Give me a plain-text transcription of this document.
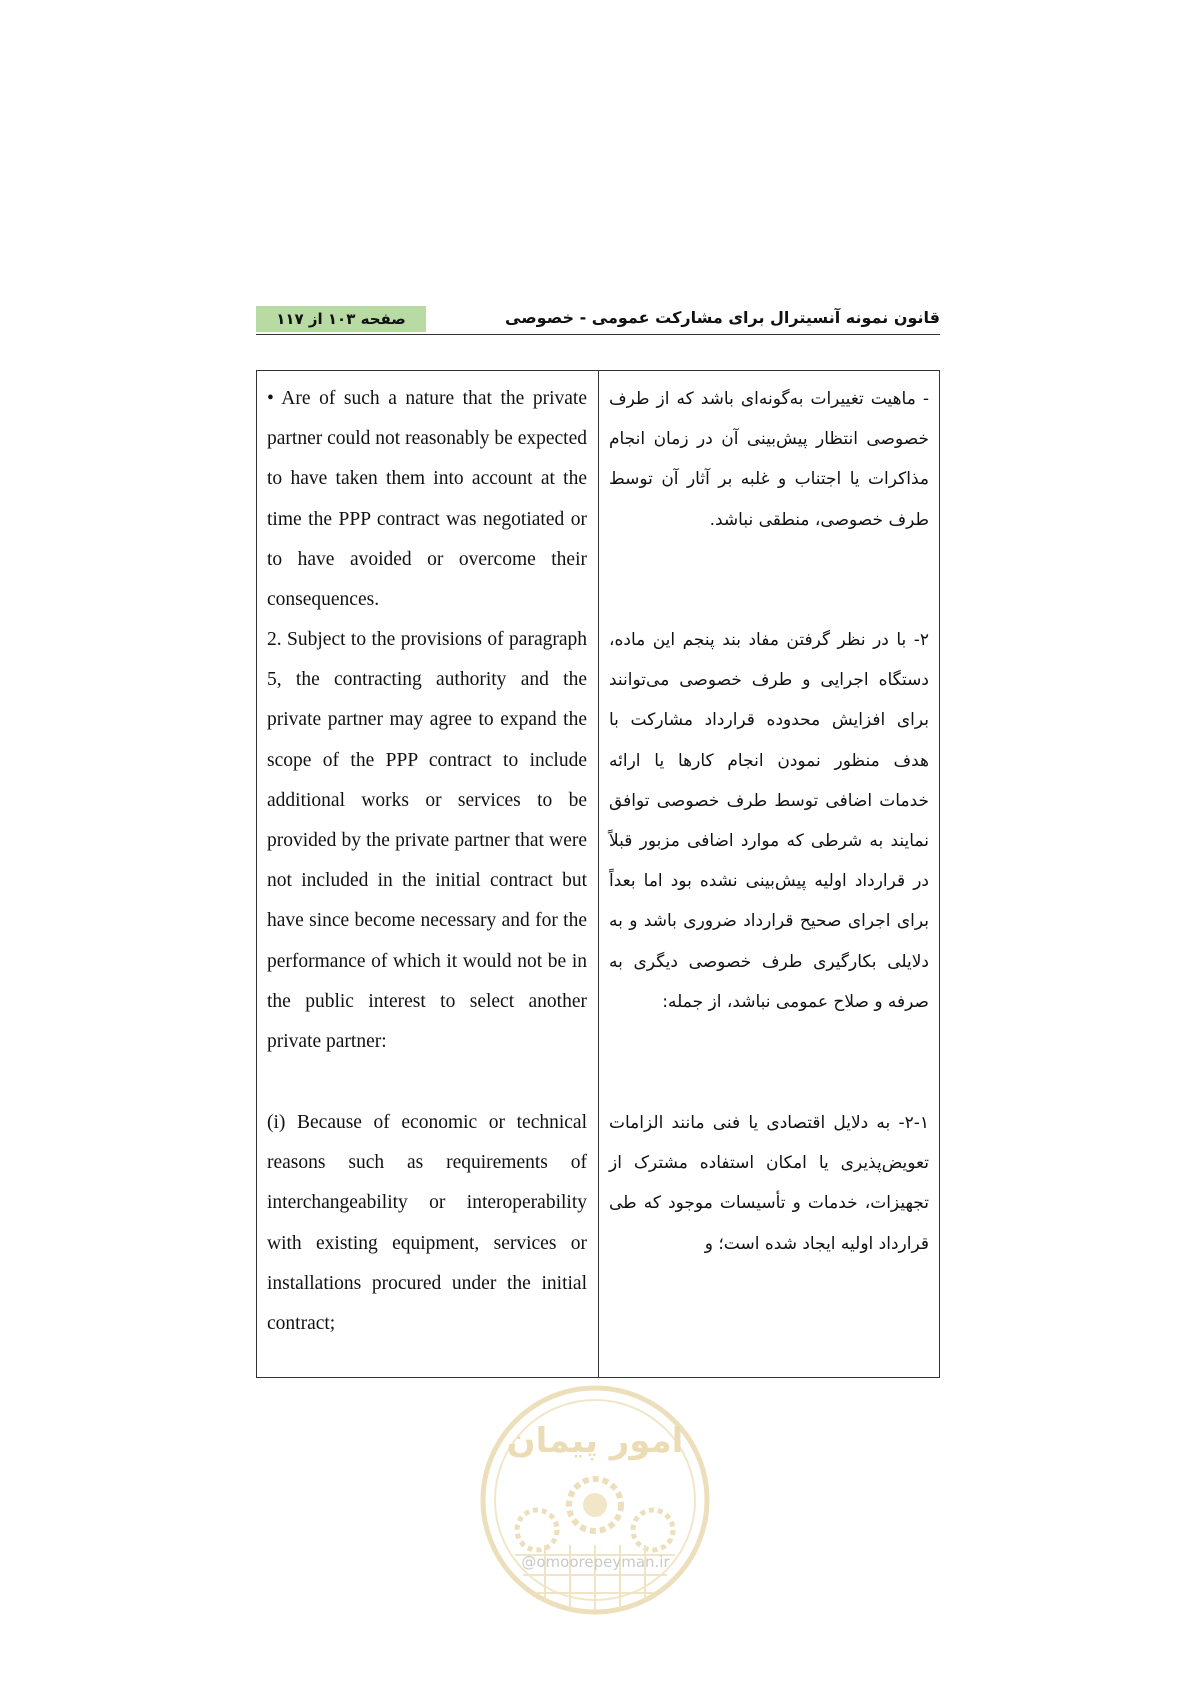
قانون نمونه آنسیترال برای مشارکت عمومی - خصوصی
صفحه ۱۰۳ از ۱۱۷

• Are of such a nature that the private partner could not reasonably be expected to have taken them into account at the time the PPP contract was negotiated or to have avoided or overcome their consequences.

2. Subject to the provisions of paragraph 5, the contracting authority and the private partner may agree to expand the scope of the PPP contract to include additional works or services to be provided by the private partner that were not included in the initial contract but have since become necessary and for the performance of which it would not be in the public interest to select another private partner:

(i) Because of economic or technical reasons such as requirements of interchangeability or interoperability with existing equipment, services or installations procured under the initial contract;

- ماهیت تغییرات به‌گونه‌ای باشد که از طرف خصوصی انتظار پیش‌بینی آن در زمان انجام مذاکرات یا اجتناب و غلبه بر آثار آن توسط طرف خصوصی، منطقی نباشد.

۲- با در نظر گرفتن مفاد بند پنجم این ماده، دستگاه اجرایی و طرف خصوصی می‌توانند برای افزایش محدوده قرارداد مشارکت با هدف منظور نمودن انجام کارها یا ارائه خدمات اضافی توسط طرف خصوصی توافق نمایند به شرطی که موارد اضافی مزبور قبلاً در قرارداد اولیه پیش‌بینی نشده بود اما بعداً برای اجرای صحیح قرارداد ضروری باشد و به دلایلی بکارگیری طرف خصوصی دیگری به صرفه و صلاح عمومی نباشد، از جمله:

۲-۱- به دلایل اقتصادی یا فنی مانند الزامات تعویض‌پذیری یا امکان استفاده مشترک از تجهیزات، خدمات و تأسیسات موجود که طی قرارداد اولیه ایجاد شده است؛ و

امور پیمان
@omoorepeyman.ir
